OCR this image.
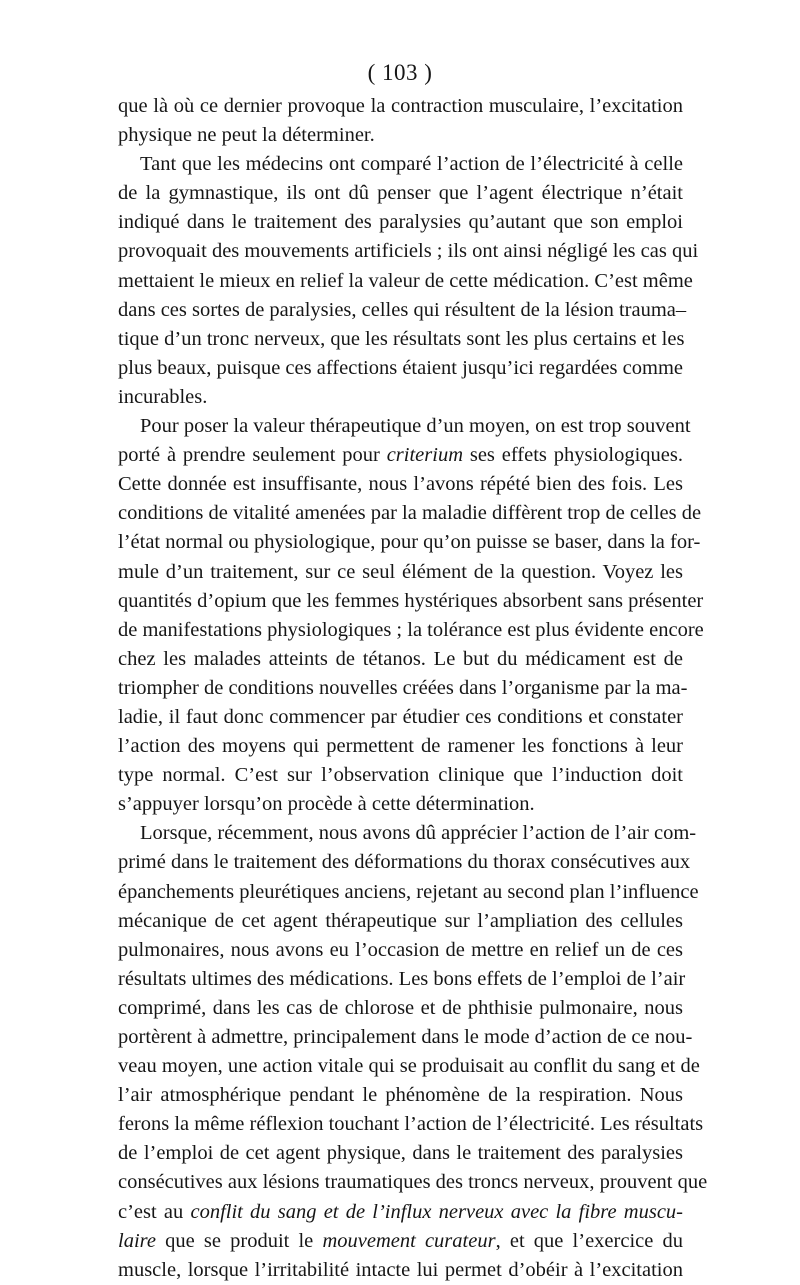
( 103 )
que là où ce dernier provoque la contraction musculaire, l’excitation
physique ne peut la déterminer.
Tant que les médecins ont comparé l’action de l’électricité à celle
de la gymnastique, ils ont dû penser que l’agent électrique n’était
indiqué dans le traitement des paralysies qu’autant que son emploi
provoquait des mouvements artificiels ; ils ont ainsi négligé les cas qui
mettaient le mieux en relief la valeur de cette médication. C’est même
dans ces sortes de paralysies, celles qui résultent de la lésion trauma–
tique d’un tronc nerveux, que les résultats sont les plus certains et les
plus beaux, puisque ces affections étaient jusqu’ici regardées comme
incurables.
Pour poser la valeur thérapeutique d’un moyen, on est trop souvent
porté à prendre seulement pour criterium ses effets physiologiques.
Cette donnée est insuffisante, nous l’avons répété bien des fois. Les
conditions de vitalité amenées par la maladie diffèrent trop de celles de
l’état normal ou physiologique, pour qu’on puisse se baser, dans la for-
mule d’un traitement, sur ce seul élément de la question. Voyez les
quantités d’opium que les femmes hystériques absorbent sans présenter
de manifestations physiologiques ; la tolérance est plus évidente encore
chez les malades atteints de tétanos. Le but du médicament est de
triompher de conditions nouvelles créées dans l’organisme par la ma-
ladie, il faut donc commencer par étudier ces conditions et constater
l’action des moyens qui permettent de ramener les fonctions à leur
type normal. C’est sur l’observation clinique que l’induction doit
s’appuyer lorsqu’on procède à cette détermination.
Lorsque, récemment, nous avons dû apprécier l’action de l’air com-
primé dans le traitement des déformations du thorax consécutives aux
épanchements pleurétiques anciens, rejetant au second plan l’influence
mécanique de cet agent thérapeutique sur l’ampliation des cellules
pulmonaires, nous avons eu l’occasion de mettre en relief un de ces
résultats ultimes des médications. Les bons effets de l’emploi de l’air
comprimé, dans les cas de chlorose et de phthisie pulmonaire, nous
portèrent à admettre, principalement dans le mode d’action de ce nou-
veau moyen, une action vitale qui se produisait au conflit du sang et de
l’air atmosphérique pendant le phénomène de la respiration. Nous
ferons la même réflexion touchant l’action de l’électricité. Les résultats
de l’emploi de cet agent physique, dans le traitement des paralysies
consécutives aux lésions traumatiques des troncs nerveux, prouvent que
c’est au conflit du sang et de l’influx nerveux avec la fibre muscu-
laire que se produit le mouvement curateur, et que l’exercice du
muscle, lorsque l’irritabilité intacte lui permet d’obéir à l’excitation
